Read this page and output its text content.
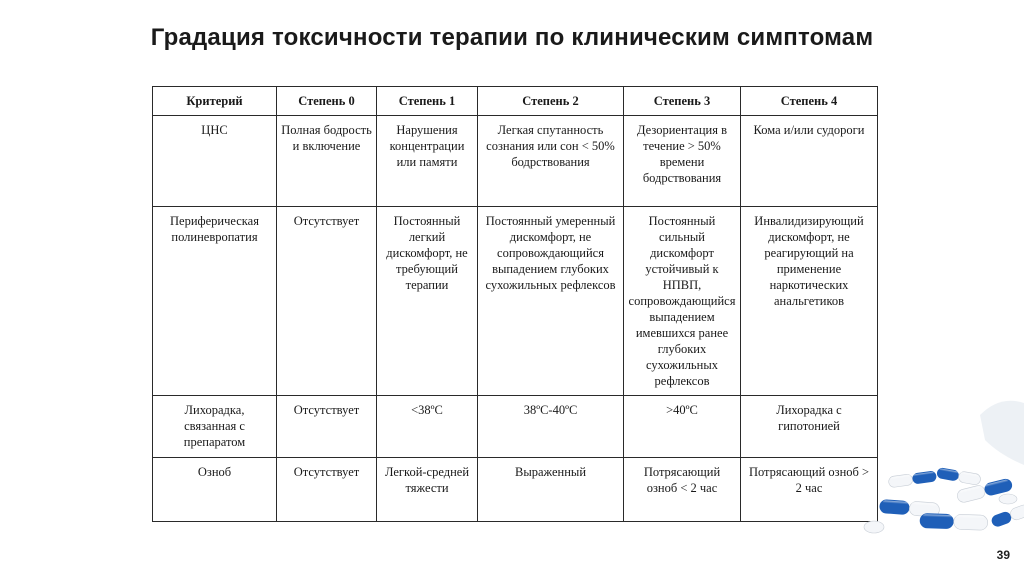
Градация токсичности терапии по клиническим симптомам
Критерий	Степень 0	Степень 1	Степень 2	Степень 3	Степень 4
ЦНС	Полная бодрость и включение	Нарушения концентрации или памяти	Легкая спутанность сознания или сон < 50% бодрствования	Дезориентация в течение > 50% времени бодрствования	Кома и/или судороги
Периферическая полиневропатия	Отсутствует	Постоянный легкий дискомфорт, не требующий терапии	Постоянный умеренный дискомфорт, не сопровождающийся выпадением глубоких сухожильных рефлексов	Постоянный сильный дискомфорт устойчивый к НПВП, сопровождающийся выпадением имевшихся ранее глубоких сухожильных рефлексов	Инвалидизирующий дискомфорт, не реагирующий на применение наркотических анальгетиков
Лихорадка, связанная с препаратом	Отсутствует	<38ºС	38ºС-40ºС	>40ºС	Лихорадка с гипотонией
Озноб	Отсутствует	Легкой-средней тяжести	Выраженный	Потрясающий озноб < 2 час	Потрясающий озноб > 2 час
39
